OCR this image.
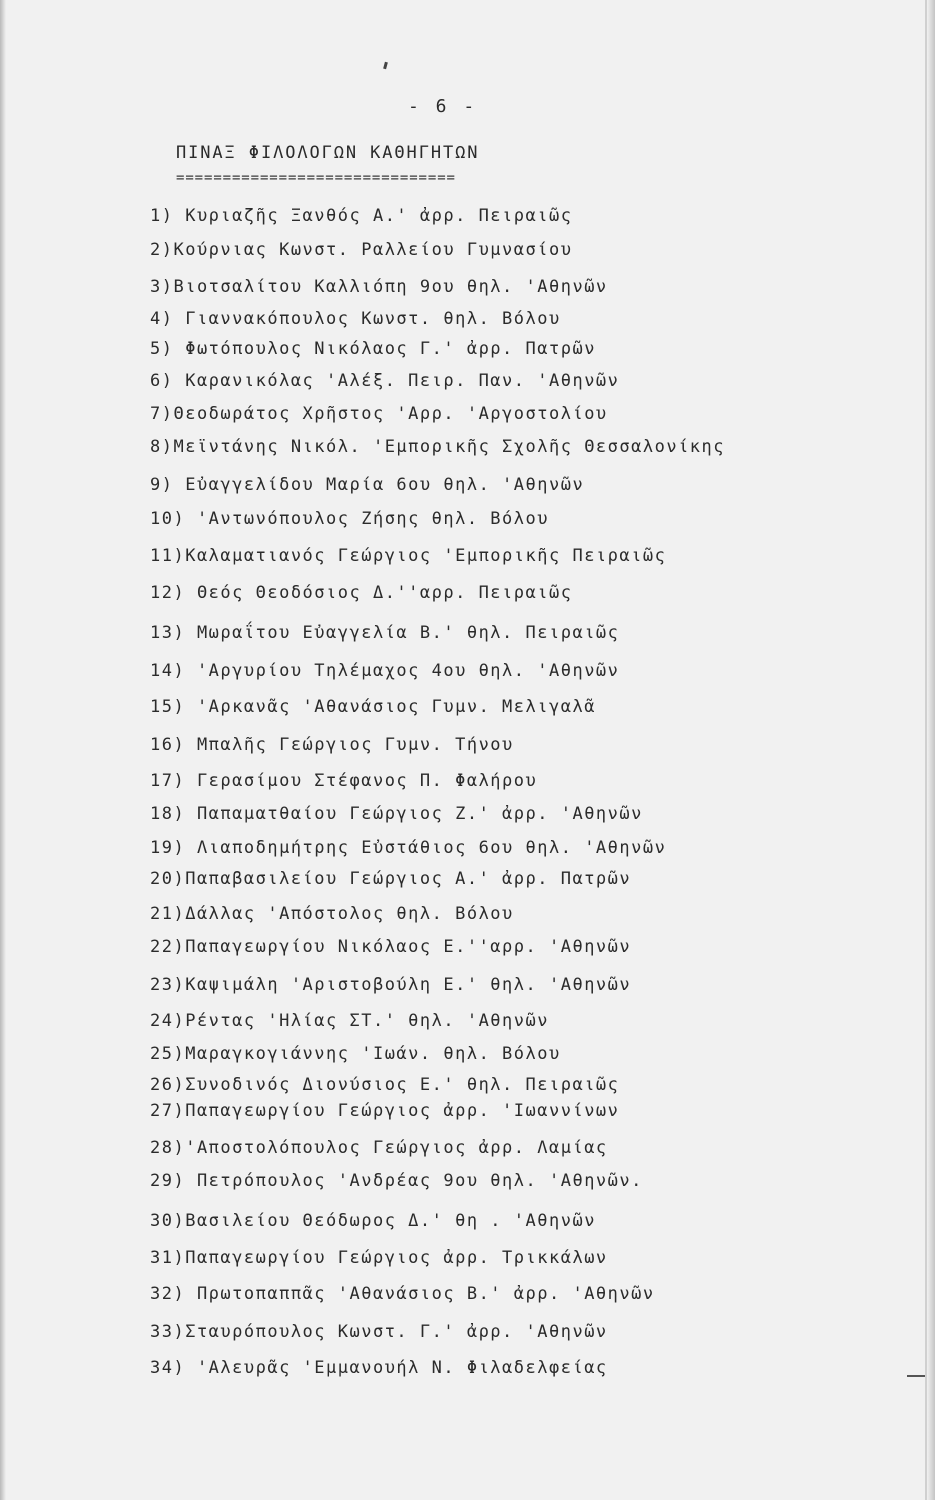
- 6 -
ΠΙΝΑΞ ΦΙΛΟΛΟΓΩΝ ΚΑΘΗΓΗΤΩΝ
==============================
1) Κυριαζῆς Ξανθός Α.' ἀρρ. Πειραιῶς
2)Κούρνιας Κωνστ. Ραλλείου Γυμνασίου
3)Βιοτσαλίτου Καλλιόπη 9ου θηλ. 'Αθηνῶν
4) Γιαννακόπουλος Κωνστ. θηλ. Βόλου
5) Φωτόπουλος Νικόλαος Γ.' ἀρρ. Πατρῶν
6) Καρανικόλας 'Αλέξ. Πειρ. Παν. 'Αθηνῶν
7)Θεοδωράτος Χρῆστος 'Αρρ. 'Αργοστολίου
8)Μεϊντάνης Νικόλ. 'Εμπορικῆς Σχολῆς Θεσσαλονίκης
9) Εὐαγγελίδου Μαρία 6ου θηλ. 'Αθηνῶν
10) 'Αντωνόπουλος Ζήσης θηλ. Βόλου
11)Καλαματιανός Γεώργιος 'Εμπορικῆς Πειραιῶς
12) Θεός Θεοδόσιος Δ.''αρρ. Πειραιῶς
13) Μωραΐτου Εὐαγγελία Β.' θηλ. Πειραιῶς
14) 'Αργυρίου Τηλέμαχος 4ου θηλ. 'Αθηνῶν
15) 'Αρκανᾶς 'Αθανάσιος Γυμν. Μελιγαλᾶ
16) Μπαλῆς Γεώργιος Γυμν. Τήνου
17) Γερασίμου Στέφανος Π. Φαλήρου
18) Παπαματθαίου Γεώργιος Ζ.' ἀρρ. 'Αθηνῶν
19) Λιαποδημήτρης Εὐστάθιος 6ου θηλ. 'Αθηνῶν
20)Παπαβασιλείου Γεώργιος Α.' ἀρρ. Πατρῶν
21)Δάλλας 'Απόστολος θηλ. Βόλου
22)Παπαγεωργίου Νικόλαος Ε.''αρρ. 'Αθηνῶν
23)Καψιμάλη 'Αριστοβούλη Ε.' θηλ. 'Αθηνῶν
24)Ρέντας 'Ηλίας ΣΤ.' θηλ. 'Αθηνῶν
25)Μαραγκογιάννης 'Ιωάν. θηλ. Βόλου
26)Συνοδινός Διονύσιος Ε.' θηλ. Πειραιῶς
27)Παπαγεωργίου Γεώργιος ἀρρ. 'Ιωαννίνων
28)'Αποστολόπουλος Γεώργιος ἀρρ. Λαμίας
29) Πετρόπουλος 'Ανδρέας 9ου θηλ. 'Αθηνῶν.
30)Βασιλείου Θεόδωρος Δ.' θη . 'Αθηνῶν
31)Παπαγεωργίου Γεώργιος ἀρρ. Τρικκάλων
32) Πρωτοπαππᾶς 'Αθανάσιος Β.' ἀρρ. 'Αθηνῶν
33)Σταυρόπουλος Κωνστ. Γ.' ἀρρ. 'Αθηνῶν
34) 'Αλευρᾶς 'Εμμανουήλ Ν. Φιλαδελφείας
